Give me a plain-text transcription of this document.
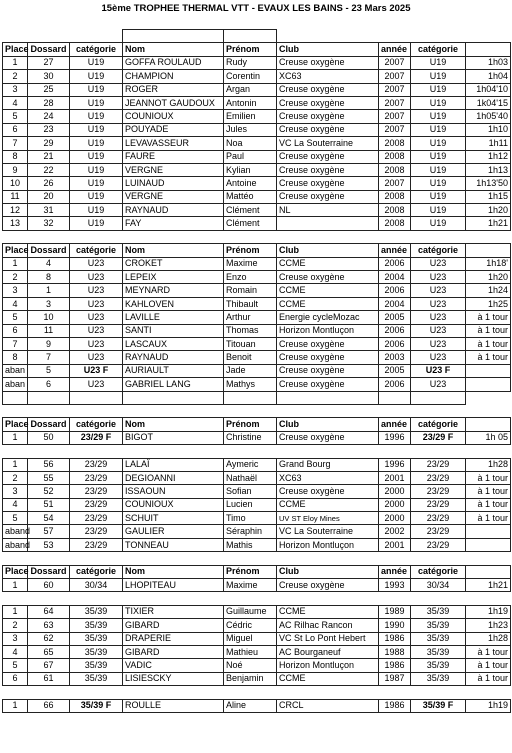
15ème TROPHEE THERMAL VTT - EVAUX LES BAINS - 23 Mars 2025

Place	Dossard	catégorie	Nom	Prénom	Club	année	catégorie	
1	27	U19	GOFFA ROULAUD	Rudy	Creuse oxygène	2007	U19	1h03
2	30	U19	CHAMPION	Corentin	XC63	2007	U19	1h04
3	25	U19	ROGER	Argan	Creuse oxygène	2007	U19	1h04'10
4	28	U19	JEANNOT GAUDOUX	Antonin	Creuse oxygène	2007	U19	1k04'15
5	24	U19	COUNIOUX	Emilien	Creuse oxygène	2007	U19	1h05'40
6	23	U19	POUYADE	Jules	Creuse oxygène	2007	U19	1h10
7	29	U19	LEVAVASSEUR	Noa	VC La Souterraine	2008	U19	1h11
8	21	U19	FAURE	Paul	Creuse oxygène	2008	U19	1h12
9	22	U19	VERGNE	Kylian	Creuse oxygène	2008	U19	1h13
10	26	U19	LUINAUD	Antoine	Creuse oxygène	2007	U19	1h13'50
11	20	U19	VERGNE	Mattéo	Creuse oxygène	2008	U19	1h15
12	31	U19	RAYNAUD	Clément	NL	2008	U19	1h20
13	32	U19	FAY	Clément		2008	U19	1h21

Place	Dossard	catégorie	Nom	Prénom	Club	année	catégorie	
1	4	U23	CROKET	Maxime	CCME	2006	U23	1h18'
2	8	U23	LEPEIX	Enzo	Creuse oxygène	2004	U23	1h20
3	1	U23	MEYNARD	Romain	CCME	2006	U23	1h24
4	3	U23	KAHLOVEN	Thibault	CCME	2004	U23	1h25
5	10	U23	LAVILLE	Arthur	Energie cycleMozac	2005	U23	à 1 tour
6	11	U23	SANTI	Thomas	Horizon Montluçon	2006	U23	à 1 tour
7	9	U23	LASCAUX	Titouan	Creuse oxygène	2006	U23	à 1 tour
8	7	U23	RAYNAUD	Benoit	Creuse oxygène	2003	U23	à 1 tour
aban	5	U23 F	AURIAULT	Jade	Creuse oxygène	2005	U23 F	
aban	6	U23	GABRIEL LANG	Mathys	Creuse oxygène	2006	U23	

Place	Dossard	catégorie	Nom	Prénom	Club	année	catégorie	
1	50	23/29 F	BIGOT	Christine	Creuse oxygène	1996	23/29 F	1h 05

1	56	23/29	LALAÏ	Aymeric	Grand Bourg	1996	23/29	1h28
2	55	23/29	DEGIOANNI	Nathaël	XC63	2001	23/29	à 1 tour
3	52	23/29	ISSAOUN	Sofian	Creuse oxygène	2000	23/29	à 1 tour
4	51	23/29	COUNIOUX	Lucien	CCME	2000	23/29	à 1 tour
5	54	23/29	SCHUIT	Timo	UV ST Eloy Mines	2000	23/29	à 1 tour
aband	57	23/29	GAULIER	Séraphin	VC La Souterraine	2002	23/29	
aband	53	23/29	TONNEAU	Mathis	Horizon Montluçon	2001	23/29	

Place	Dossard	catégorie	Nom	Prénom	Club	année	catégorie	
1	60	30/34	LHOPITEAU	Maxime	Creuse oxygène	1993	30/34	1h21

1	64	35/39	TIXIER	Guillaume	CCME	1989	35/39	1h19
2	63	35/39	GIBARD	Cédric	AC Rilhac Rancon	1990	35/39	1h23
3	62	35/39	DRAPERIE	Miguel	VC St Lo Pont Hebert	1986	35/39	1h28
4	65	35/39	GIBARD	Mathieu	AC Bourganeuf	1988	35/39	à 1 tour
5	67	35/39	VADIC	Noé	Horizon Montluçon	1986	35/39	à 1 tour
6	61	35/39	LISIESCKY	Benjamin	CCME	1987	35/39	à 1 tour

1	66	35/39 F	ROULLE	Aline	CRCL	1986	35/39 F	1h19
